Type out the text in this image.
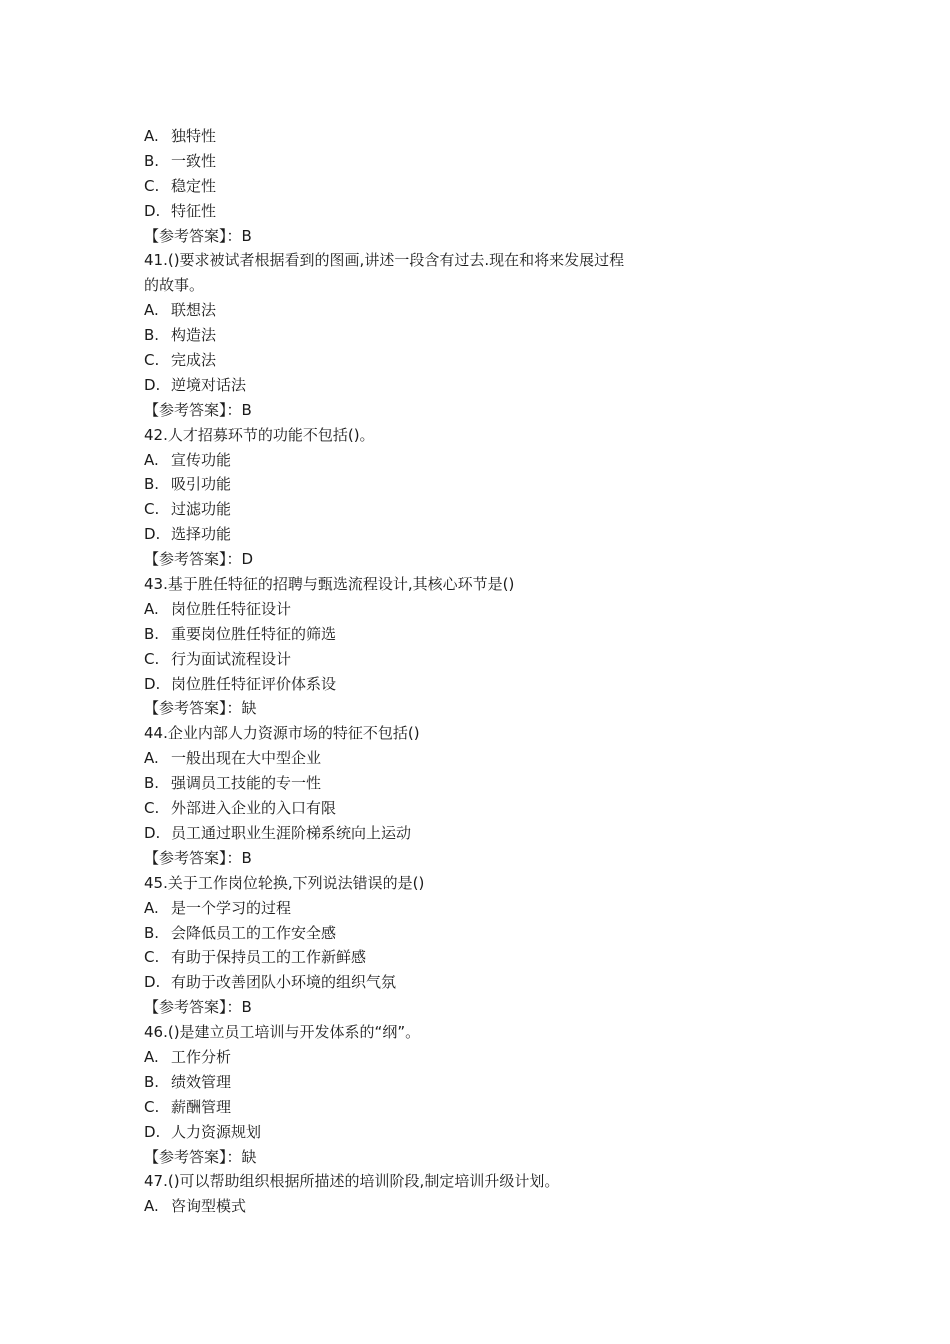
A. 独特性
B. 一致性
C. 稳定性
D. 特征性
【参考答案】：B
41.()要求被试者根据看到的图画,讲述一段含有过去.现在和将来发展过程
的故事。
A. 联想法
B. 构造法
C. 完成法
D. 逆境对话法
【参考答案】：B
42.人才招募环节的功能不包括()。
A. 宣传功能
B. 吸引功能
C. 过滤功能
D. 选择功能
【参考答案】：D
43.基于胜任特征的招聘与甄选流程设计,其核心环节是()
A. 岗位胜任特征设计
B. 重要岗位胜任特征的筛选
C. 行为面试流程设计
D. 岗位胜任特征评价体系设
【参考答案】：缺
44.企业内部人力资源市场的特征不包括()
A. 一般出现在大中型企业
B. 强调员工技能的专一性
C. 外部进入企业的入口有限
D. 员工通过职业生涯阶梯系统向上运动
【参考答案】：B
45.关于工作岗位轮换,下列说法错误的是()
A. 是一个学习的过程
B. 会降低员工的工作安全感
C. 有助于保持员工的工作新鲜感
D. 有助于改善团队小环境的组织气氛
【参考答案】：B
46.()是建立员工培训与开发体系的“纲”。
A. 工作分析
B. 绩效管理
C. 薪酬管理
D. 人力资源规划
【参考答案】：缺
47.()可以帮助组织根据所描述的培训阶段,制定培训升级计划。
A. 咨询型模式
